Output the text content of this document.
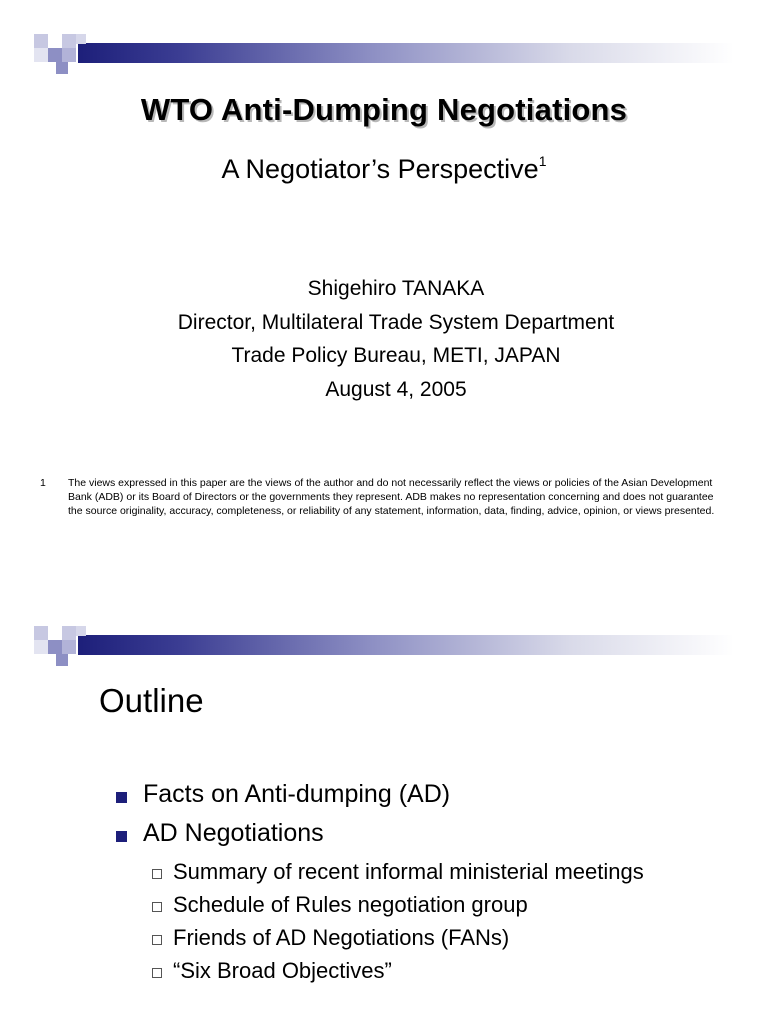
WTO Anti-Dumping Negotiations
A Negotiator’s Perspective$^1$
Shigehiro TANAKA
Director, Multilateral Trade System Department
Trade Policy Bureau, METI, JAPAN
August 4, 2005
1 The views expressed in this paper are the views of the author and do not necessarily reflect the views or policies of the Asian Development Bank (ADB) or its Board of Directors or the governments they represent. ADB makes no representation concerning and does not guarantee the source originality, accuracy, completeness, or reliability of any statement, information, data, finding, advice, opinion, or views presented.
Outline
Facts on Anti-dumping (AD)
AD Negotiations
Summary of recent informal ministerial meetings
Schedule of Rules negotiation group
Friends of AD Negotiations (FANs)
“Six Broad Objectives”
